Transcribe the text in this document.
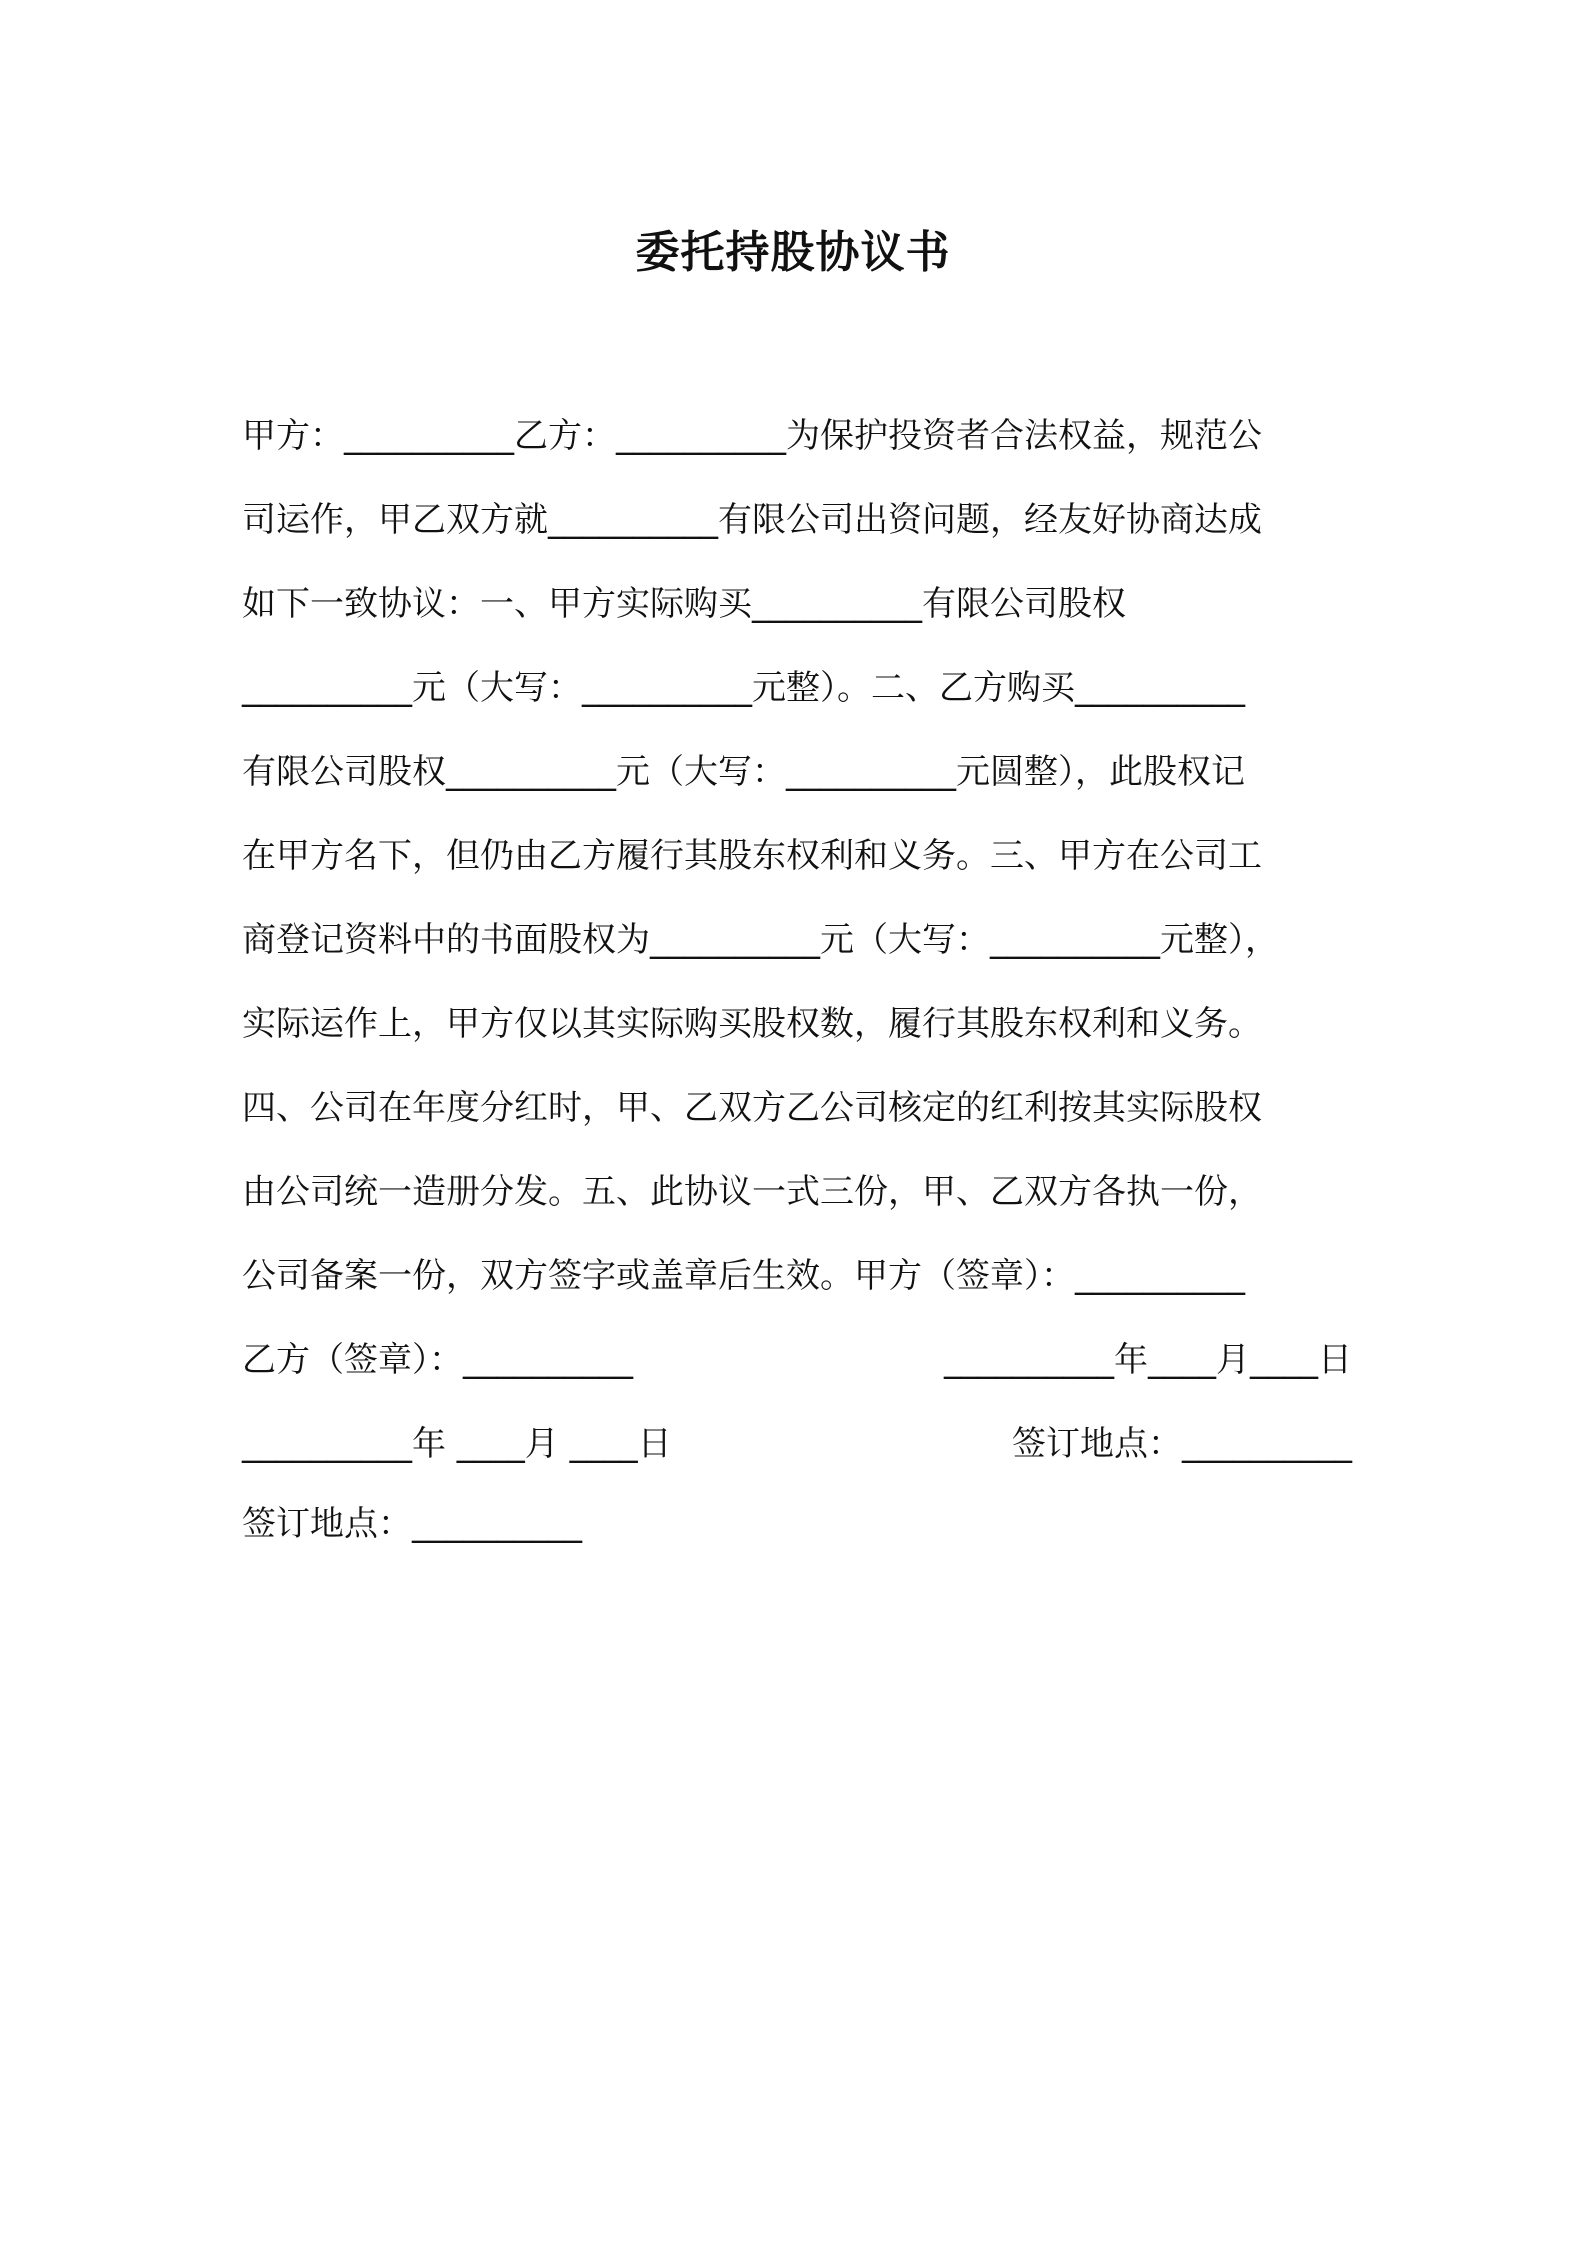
委托持股协议书
甲方：__________乙方：__________为保护投资者合法权益，规范公
司运作，甲乙双方就__________有限公司出资问题，经友好协商达成
如下一致协议：一、甲方实际购买__________有限公司股权
__________元（大写：__________元整）。二、乙方购买__________
有限公司股权__________元（大写：__________元圆整），此股权记
在甲方名下，但仍由乙方履行其股东权利和义务。三、甲方在公司工
商登记资料中的书面股权为__________元（大写：__________元整），
实际运作上，甲方仅以其实际购买股权数，履行其股东权利和义务。
四、公司在年度分红时，甲、乙双方乙公司核定的红利按其实际股权
由公司统一造册分发。五、此协议一式三份，甲、乙双方各执一份，
公司备案一份，双方签字或盖章后生效。甲方（签章）：__________
乙方（签章）：__________	__________年____月____日
__________年 ____月 ____日	签订地点：__________
签订地点：__________
